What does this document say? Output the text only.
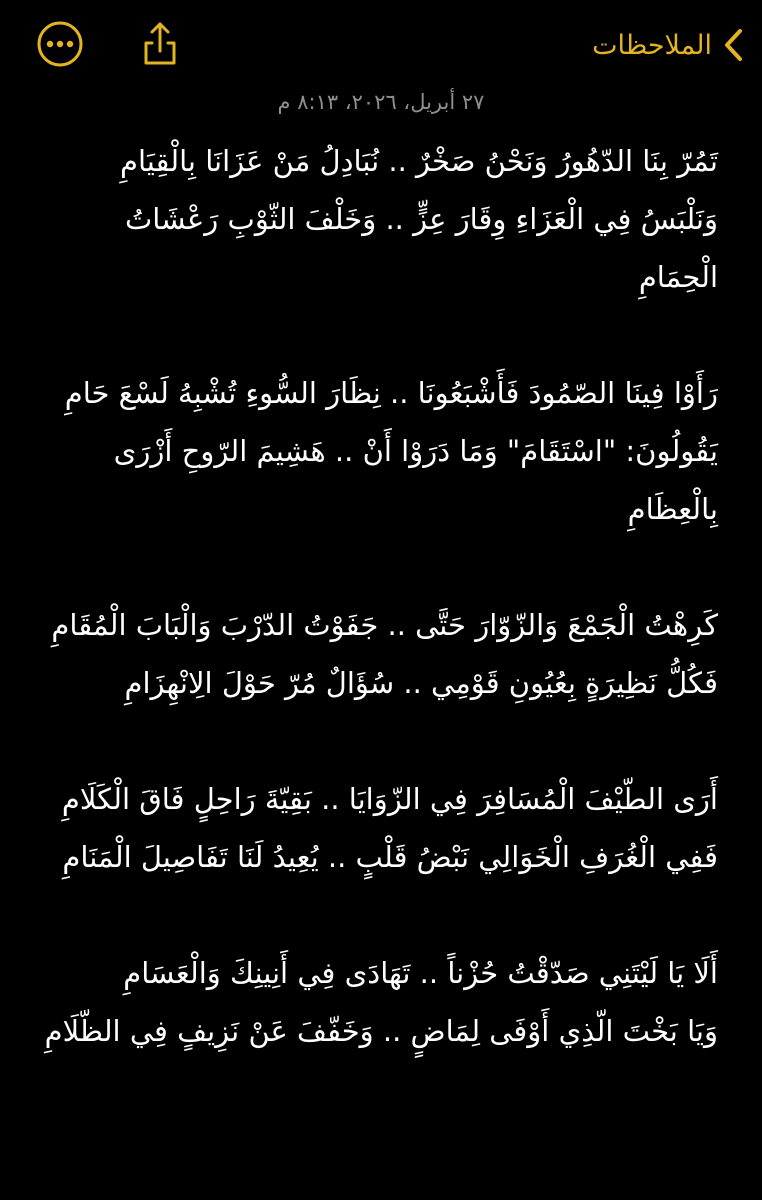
الملاحظات
٢٧ أبريل، ٢٠٢٦، ٨:١٣ م

تَمُرّ بِنَا الدّهُورُ وَنَحْنُ صَخْرٌ .. نُبَادِلُ مَنْ عَزَانَا بِالْقِيَامِ
وَنَلْبَسُ فِي الْعَزَاءِ وِقَارَ عِزٍّ .. وَخَلْفَ الثّوْبِ رَعْشَاتُ الْحِمَامِ

رَأَوْا فِينَا الصّمُودَ فَأَشْبَعُونَا .. نِظَارَ السُّوءِ تُشْبِهُ لَسْعَ حَامِ يَقُولُونَ: "اسْتَقَامَ" وَمَا دَرَوْا أَنْ .. هَشِيمَ الرّوحِ أَزْرَى بِالْعِظَامِ

كَرِهْتُ الْجَمْعَ وَالزّوّارَ حَتَّى .. جَفَوْتُ الدّرْبَ وَالْبَابَ الْمُقَامِ فَكُلُّ نَظِيرَةٍ بِعُيُونِ قَوْمِي .. سُؤَالٌ مُرّ حَوْلَ الِانْهِزَامِ

أَرَى الطّيْفَ الْمُسَافِرَ فِي الزّوَايَا .. بَقِيّةَ رَاحِلٍ فَاقَ الْكَلَامِ
فَفِي الْغُرَفِ الْخَوَالِي نَبْضُ قَلْبٍ .. يُعِيدُ لَنَا تَفَاصِيلَ الْمَنَامِ

أَلَا يَا لَيْتَنِي صَدّقْتُ حُزْناً .. تَهَادَى فِي أَنِينِكَ وَالْعَسَامِ
وَيَا بَخْتَ الّذِي أَوْفَى لِمَاضٍ .. وَخَفّفَ عَنْ نَزِيفٍ فِي الظّلَامِ
